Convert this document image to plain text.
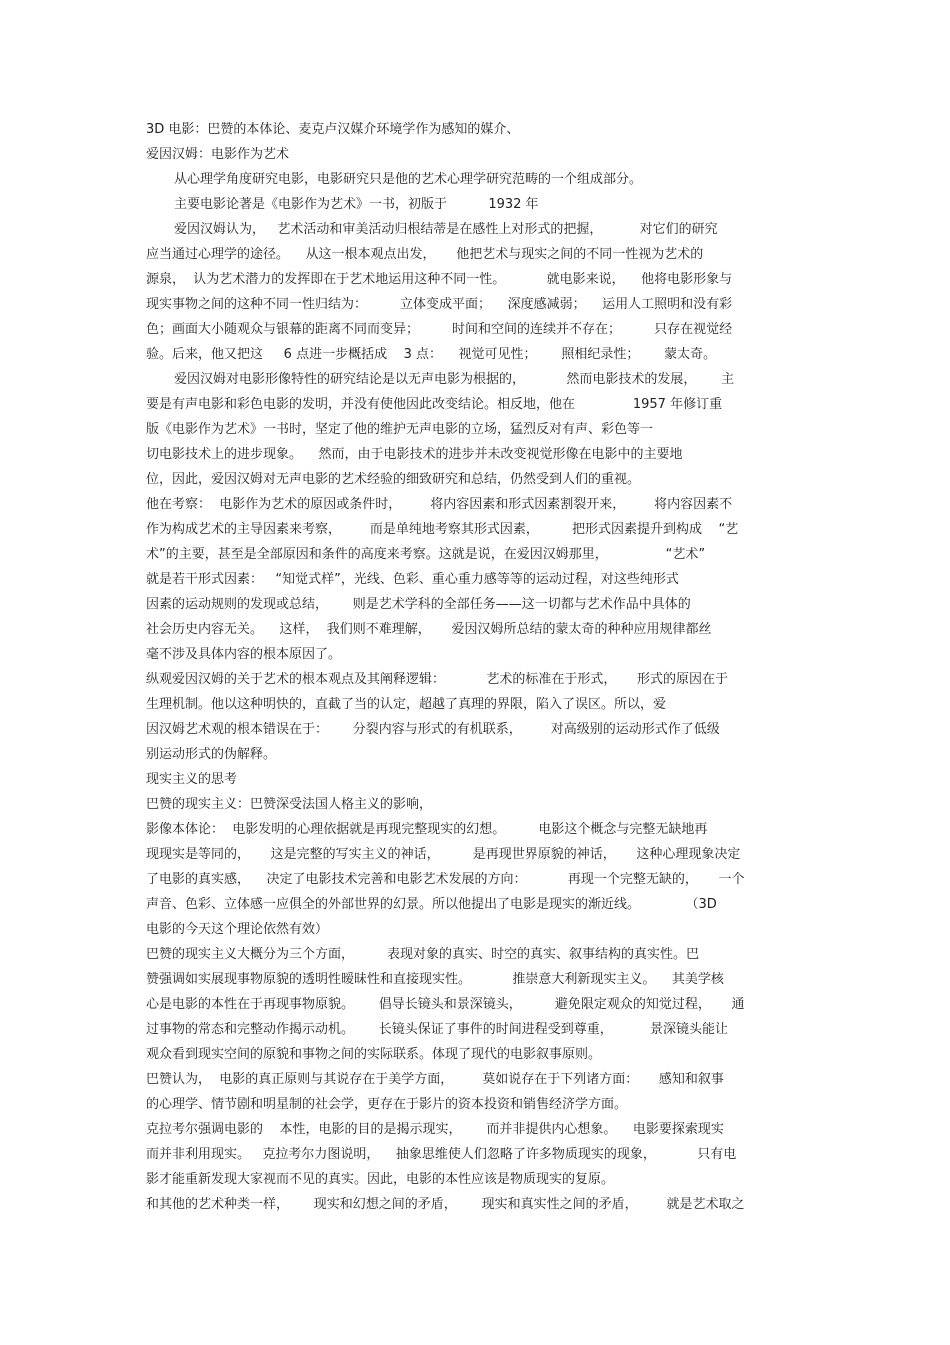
3D 电影：巴赞的本体论、麦克卢汉媒介环境学作为感知的媒介、
爱因汉姆：电影作为艺术
从心理学角度研究电影，电影研究只是他的艺术心理学研究范畴的一个组成部分。
主要电影论著是《电影作为艺术》一书，初版于          1932 年
爱因汉姆认为，   艺术活动和审美活动归根结蒂是在感性上对形式的把握，         对它们的研究
应当通过心理学的途径。    从这一根本观点出发，     他把艺术与现实之间的不同一性视为艺术的
源泉，  认为艺术潜力的发挥即在于艺术地运用这种不同一性。          就电影来说，    他将电影形象与
现实事物之间的这种不同一性归结为：        立体变成平面；    深度感减弱；    运用人工照明和没有彩
色；画面大小随观众与银幕的距离不同而变异；        时间和空间的连续并不存在；        只存在视觉经
验。后来，他又把这     6 点进一步概括成    3 点：    视觉可见性；      照相纪录性；      蒙太奇。
爱因汉姆对电影形像特性的研究结论是以无声电影为根据的，          然而电影技术的发展，      主
要是有声电影和彩色电影的发明，并没有使他因此改变结论。相反地，他在              1957 年修订重
版《电影作为艺术》一书时，坚定了他的维护无声电影的立场，猛烈反对有声、彩色等一
切电影技术上的进步现象。    然而，由于电影技术的进步并未改变视觉形像在电影中的主要地
位，因此，爱因汉姆对无声电影的艺术经验的细致研究和总结，仍然受到人们的重视。
他在考察：  电影作为艺术的原因或条件时，       将内容因素和形式因素割裂开来，       将内容因素不
作为构成艺术的主导因素来考察，       而是单纯地考察其形式因素，        把形式因素提升到构成    “艺
术”的主要，甚至是全部原因和条件的高度来考察。这就是说，在爱因汉姆那里，              “艺术”
就是若干形式因素：   “知觉式样”，光线、色彩、重心重力感等等的运动过程，对这些纯形式
因素的运动规则的发现或总结，      则是艺术学科的全部任务——这一切都与艺术作品中具体的
社会历史内容无关。    这样，  我们则不难理解，     爱因汉姆所总结的蒙太奇的种种应用规律都丝
毫不涉及具体内容的根本原因了。
纵观爱因汉姆的关于艺术的根本观点及其阐释逻辑：          艺术的标准在于形式，     形式的原因在于
生理机制。他以这种明快的，直截了当的认定，超越了真理的界限，陷入了误区。所以，爱
因汉姆艺术观的根本错误在于：      分裂内容与形式的有机联系，       对高级别的运动形式作了低级
别运动形式的伪解释。
现实主义的思考
巴赞的现实主义：巴赞深受法国人格主义的影响，
影像本体论：  电影发明的心理依据就是再现完整现实的幻想。        电影这个概念与完整无缺地再
现现实是等同的，     这是完整的写实主义的神话，        是再现世界原貌的神话，     这种心理现象决定
了电影的真实感，    决定了电影技术完善和电影艺术发展的方向：          再现一个完整无缺的，     一个
声音、色彩、立体感一应俱全的外部世界的幻景。所以他提出了电影是现实的渐近线。           （3D
电影的今天这个理论依然有效）
巴赞的现实主义大概分为三个方面，        表现对象的真实、时空的真实、叙事结构的真实性。巴
赞强调如实展现事物原貌的透明性暧昧性和直接现实性。          推崇意大利新现实主义。    其美学核
心是电影的本性在于再现事物原貌。      倡导长镜头和景深镜头，        避免限定观众的知觉过程，     通
过事物的常态和完整动作揭示动机。      长镜头保证了事件的时间进程受到尊重，         景深镜头能让
观众看到现实空间的原貌和事物之间的实际联系。体现了现代的电影叙事原则。
巴赞认为，  电影的真正原则与其说存在于美学方面，       莫如说存在于下列诸方面：     感知和叙事
的心理学、情节剧和明星制的社会学，更存在于影片的资本投资和销售经济学方面。
克拉考尔强调电影的    本性，电影的目的是揭示现实，      而并非提供内心想象。    电影要探索现实
而并非利用现实。   克拉考尔力图说明，    抽象思维使人们忽略了许多物质现实的现象，          只有电
影才能重新发现大家视而不见的真实。因此，电影的本性应该是物质现实的复原。
和其他的艺术种类一样，      现实和幻想之间的矛盾，      现实和真实性之间的矛盾，       就是艺术取之
